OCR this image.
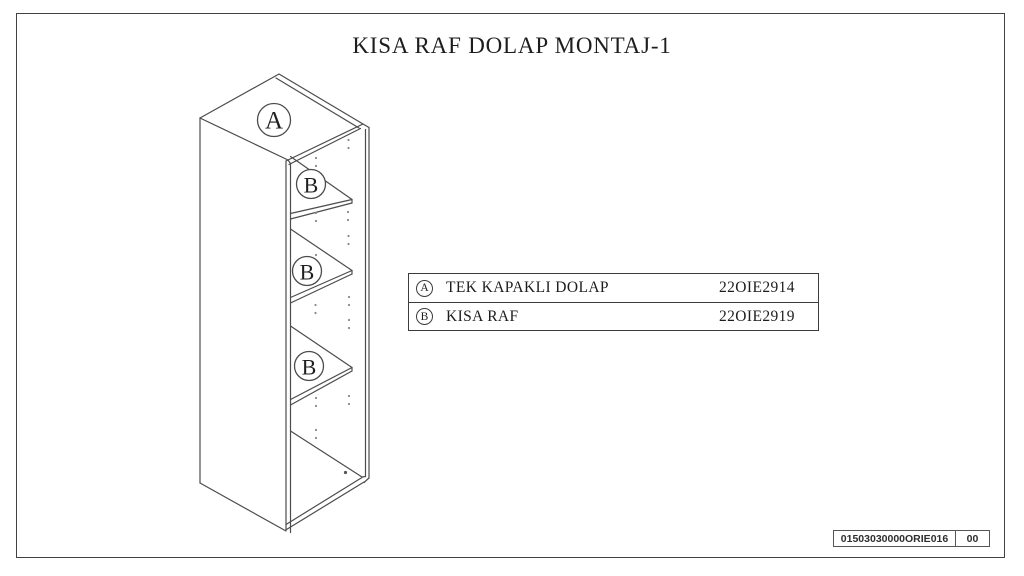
KISA RAF DOLAP MONTAJ-1
A
B
B
B
A TEK KAPAKLI DOLAP	22OIE2914
B	KISA RAF	22OIE2919
01503030000ORIE016	00
